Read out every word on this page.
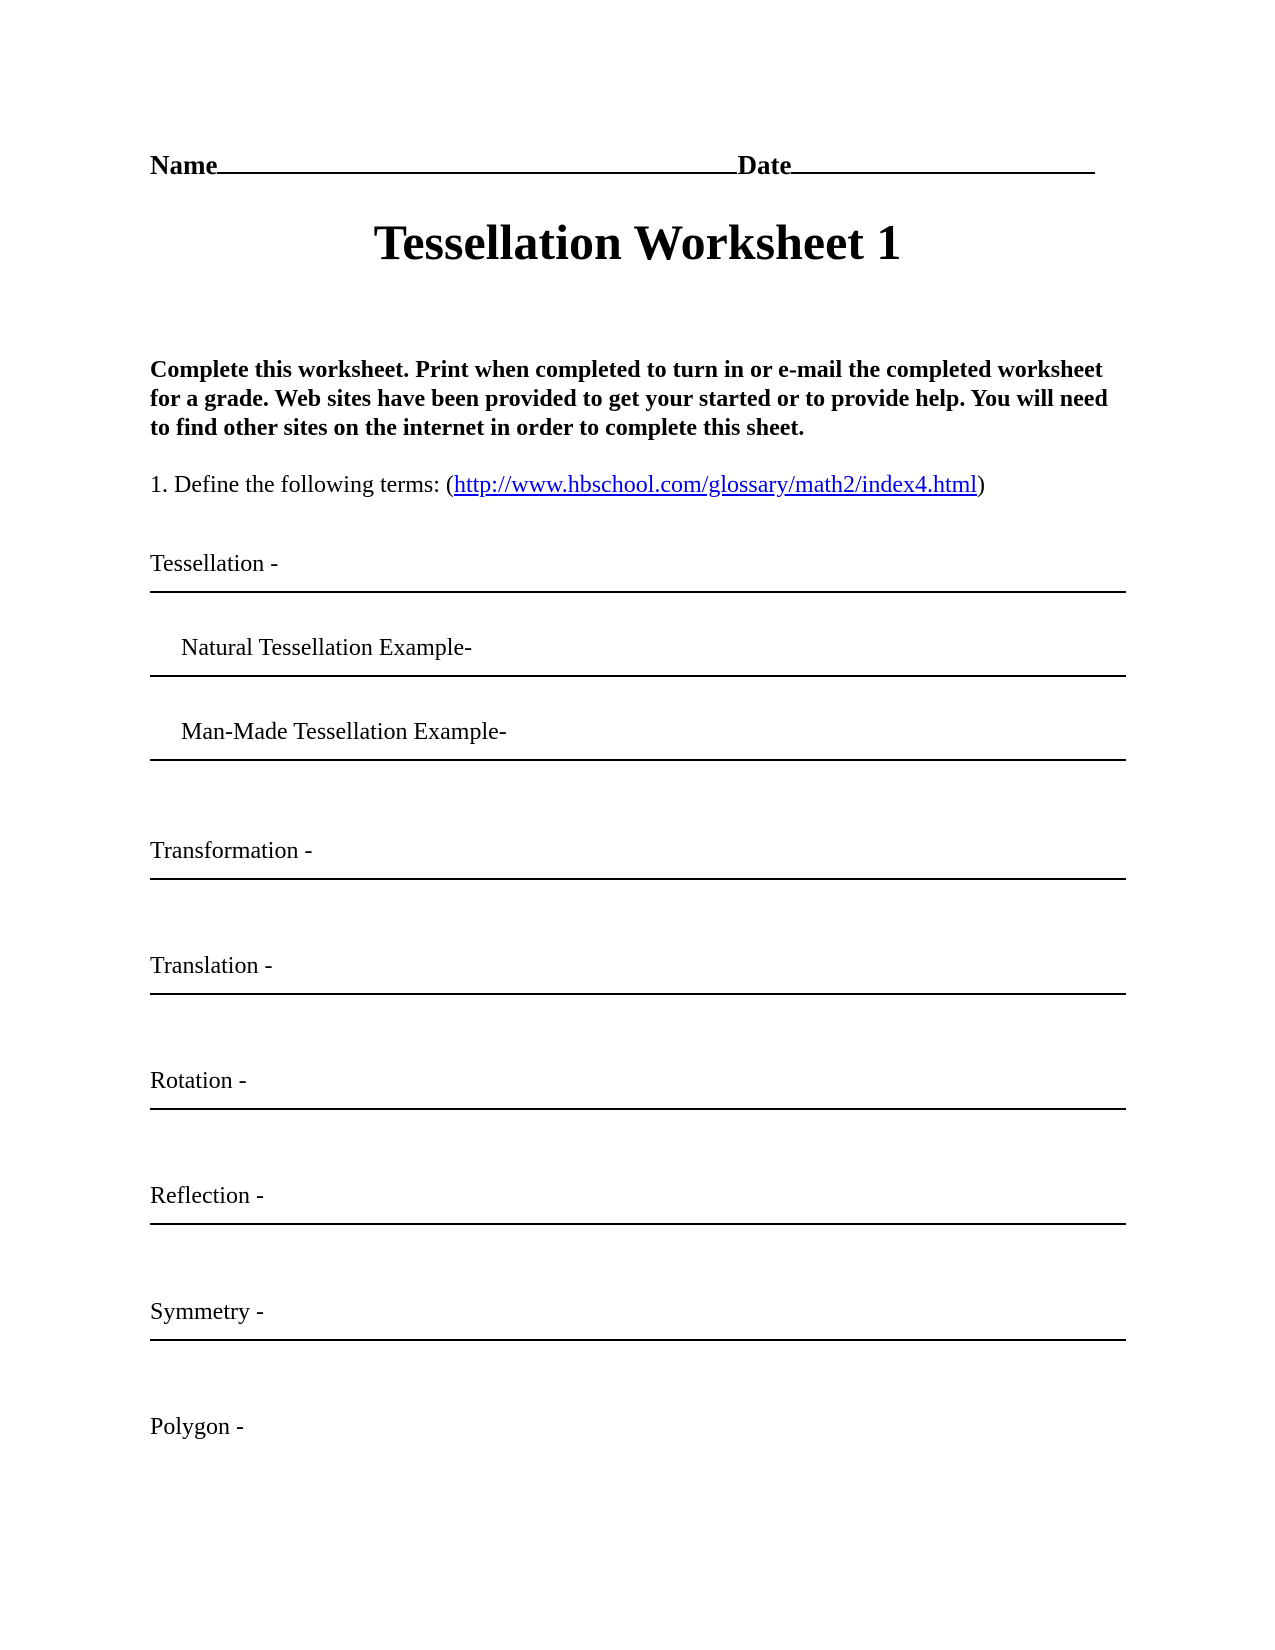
Name	Date
Tessellation Worksheet 1
Complete this worksheet. Print when completed to turn in or e-mail the completed worksheet for a grade. Web sites have been provided to get your started or to provide help. You will need to find other sites on the internet in order to complete this sheet.
1. Define the following terms: (http://www.hbschool.com/glossary/math2/index4.html)
Tessellation -
Natural Tessellation Example-
Man-Made Tessellation Example-
Transformation -
Translation -
Rotation -
Reflection -
Symmetry -
Polygon -
